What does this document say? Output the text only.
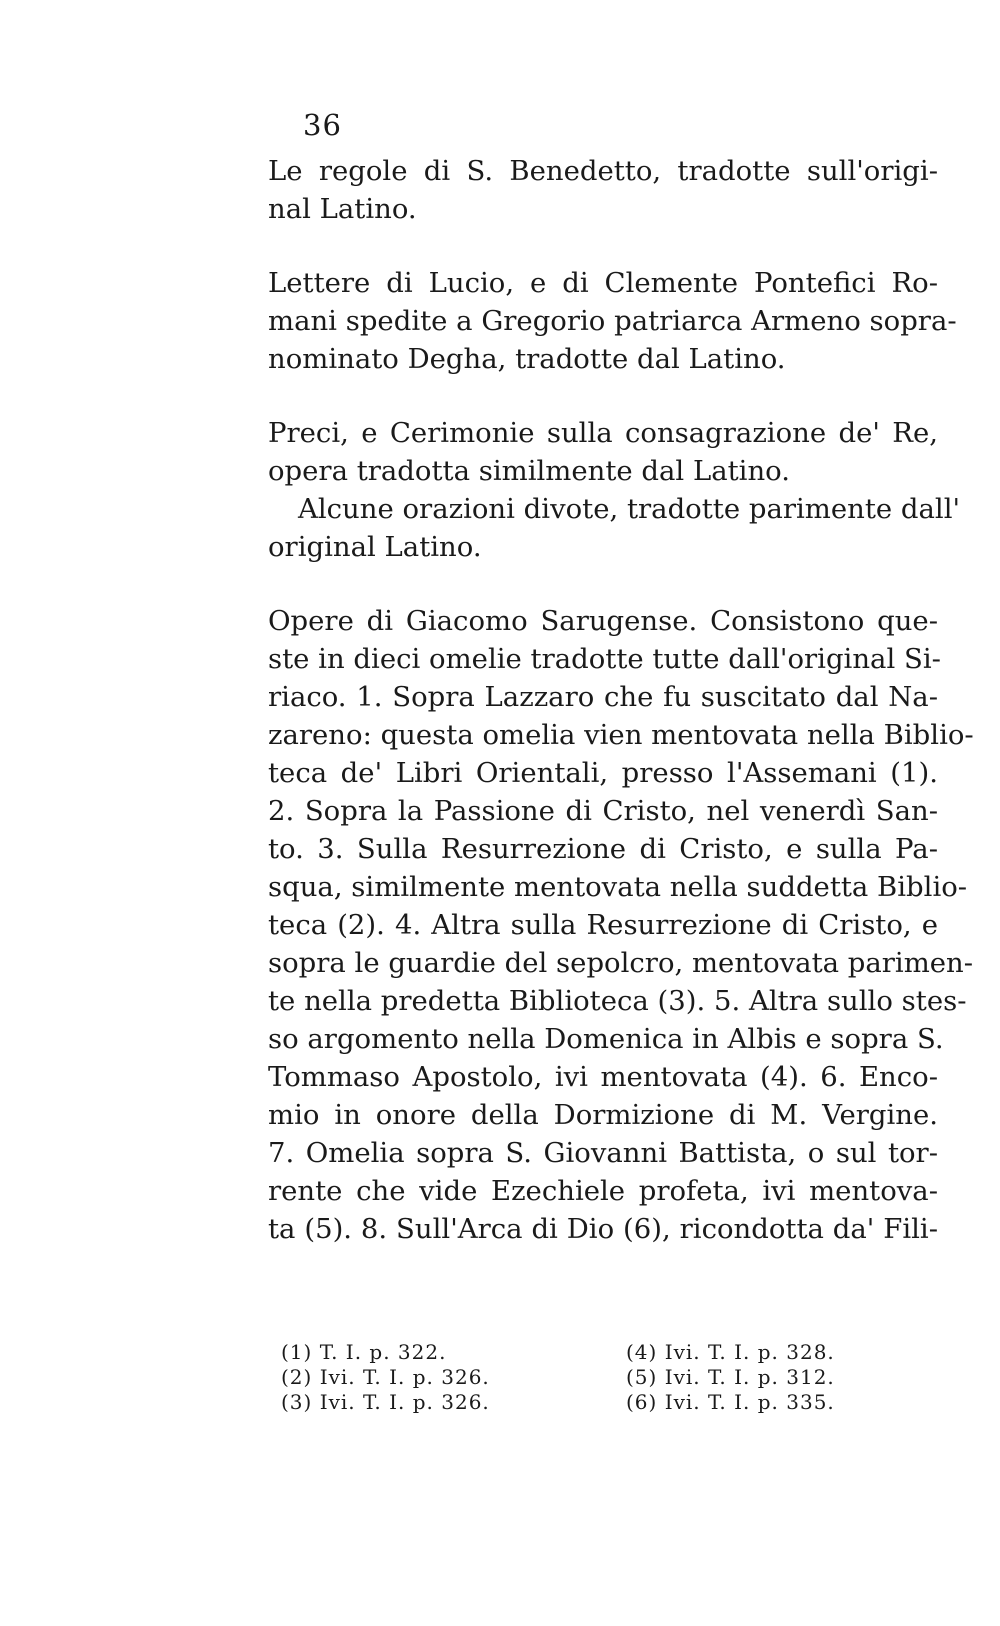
36
Le regole di S. Benedetto, tradotte sull'origi-
nal Latino.
Lettere di Lucio, e di Clemente Pontefici Ro-
mani spedite a Gregorio patriarca Armeno sopra-
nominato Degha, tradotte dal Latino.
Preci, e Cerimonie sulla consagrazione de' Re,
opera tradotta similmente dal Latino.
Alcune orazioni divote, tradotte parimente dall'
original Latino.
Opere di Giacomo Sarugense. Consistono que-
ste in dieci omelie tradotte tutte dall'original Si-
riaco. 1. Sopra Lazzaro che fu suscitato dal Na-
zareno: questa omelia vien mentovata nella Biblio-
teca de' Libri Orientali, presso l'Assemani (1).
2. Sopra la Passione di Cristo, nel venerdì San-
to. 3. Sulla Resurrezione di Cristo, e sulla Pa-
squa, similmente mentovata nella suddetta Biblio-
teca (2). 4. Altra sulla Resurrezione di Cristo, e
sopra le guardie del sepolcro, mentovata parimen-
te nella predetta Biblioteca (3). 5. Altra sullo stes-
so argomento nella Domenica in Albis e sopra S.
Tommaso Apostolo, ivi mentovata (4). 6. Enco-
mio in onore della Dormizione di M. Vergine.
7. Omelia sopra S. Giovanni Battista, o sul tor-
rente che vide Ezechiele profeta, ivi mentova-
ta (5). 8. Sull'Arca di Dio (6), ricondotta da' Fili-
(1) T. I. p. 322.
(2) Ivi. T. I. p. 326.
(3) Ivi. T. I. p. 326.
(4) Ivi. T. I. p. 328.
(5) Ivi. T. I. p. 312.
(6) Ivi. T. I. p. 335.
